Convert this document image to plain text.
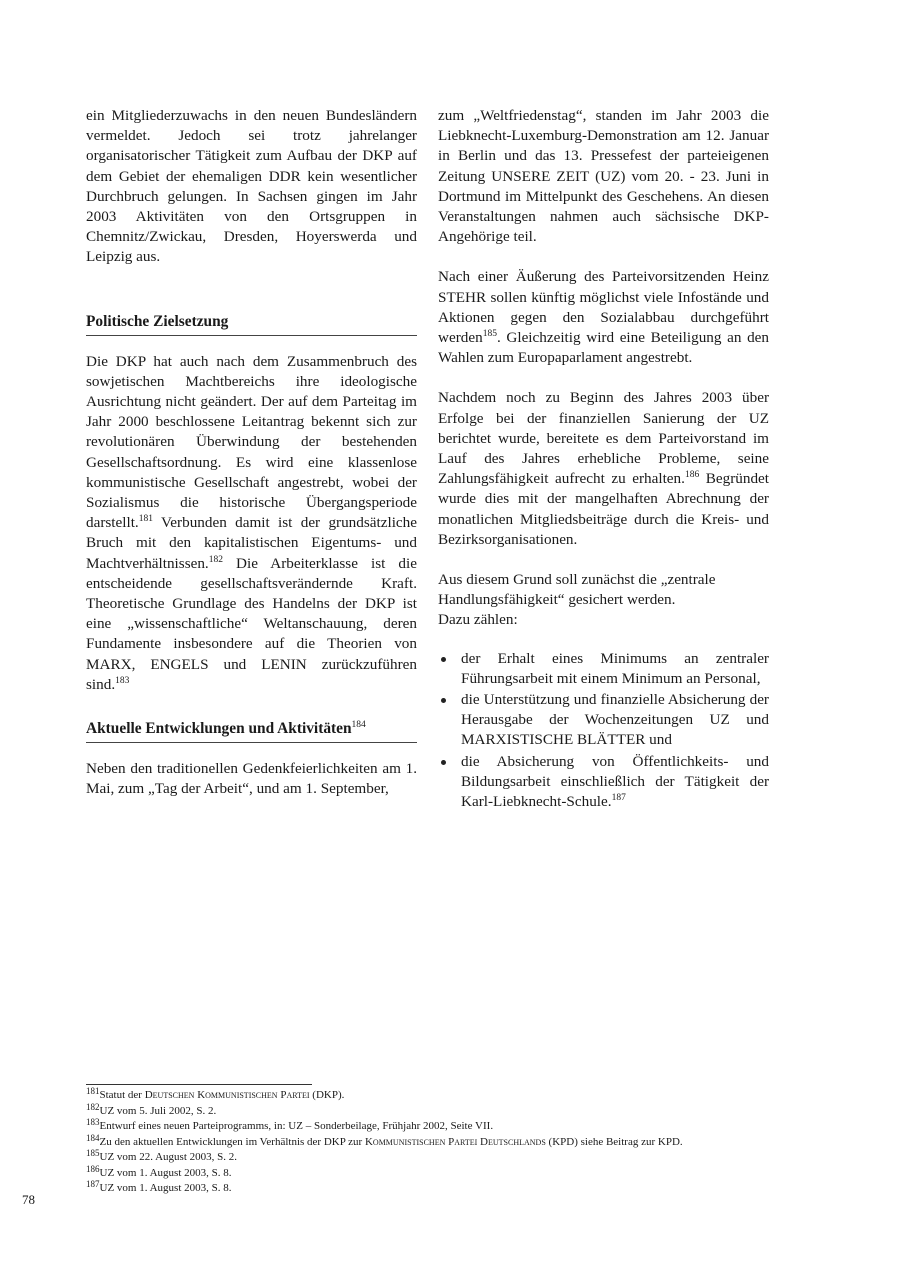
ein Mitgliederzuwachs in den neuen Bundesländern vermeldet. Jedoch sei trotz jahrelanger organisatorischer Tätigkeit zum Aufbau der DKP auf dem Gebiet der ehemaligen DDR kein wesentlicher Durchbruch gelungen. In Sachsen gingen im Jahr 2003 Aktivitäten von den Ortsgruppen in Chemnitz/Zwickau, Dresden, Hoyerswerda und Leipzig aus.

Politische Zielsetzung

Die DKP hat auch nach dem Zusammenbruch des sowjetischen Machtbereichs ihre ideologische Ausrichtung nicht geändert. Der auf dem Parteitag im Jahr 2000 beschlossene Leitantrag bekennt sich zur revolutionären Überwindung der bestehenden Gesellschaftsordnung. Es wird eine klassenlose kommunistische Gesellschaft angestrebt, wobei der Sozialismus die historische Übergangsperiode darstellt.$^{181}$ Verbunden damit ist der grundsätzliche Bruch mit den kapitalistischen Eigentums- und Machtverhältnissen.$^{182}$ Die Arbeiterklasse ist die entscheidende gesellschaftsverändernde Kraft. Theoretische Grundlage des Handelns der DKP ist eine „wissenschaftliche“ Weltanschauung, deren Fundamente insbesondere auf die Theorien von MARX, ENGELS und LENIN zurückzuführen sind.$^{183}$

Aktuelle Entwicklungen und Aktivitäten$^{184}$

Neben den traditionellen Gedenkfeierlichkeiten am 1. Mai, zum „Tag der Arbeit“, und am 1. September,

zum „Weltfriedenstag“, standen im Jahr 2003 die Liebknecht-Luxemburg-Demonstration am 12. Januar in Berlin und das 13. Pressefest der parteieigenen Zeitung UNSERE ZEIT (UZ) vom 20. - 23. Juni in Dortmund im Mittelpunkt des Geschehens. An diesen Veranstaltungen nahmen auch sächsische DKP-Angehörige teil.

Nach einer Äußerung des Parteivorsitzenden Heinz STEHR sollen künftig möglichst viele Infostände und Aktionen gegen den Sozialabbau durchgeführt werden$^{185}$. Gleichzeitig wird eine Beteiligung an den Wahlen zum Europaparlament angestrebt.

Nachdem noch zu Beginn des Jahres 2003 über Erfolge bei der finanziellen Sanierung der UZ berichtet wurde, bereitete es dem Parteivorstand im Lauf des Jahres erhebliche Probleme, seine Zahlungsfähigkeit aufrecht zu erhalten.$^{186}$ Begründet wurde dies mit der mangelhaften Abrechnung der monatlichen Mitgliedsbeiträge durch die Kreis- und Bezirksorganisationen.

Aus diesem Grund soll zunächst die „zentrale Handlungsfähigkeit“ gesichert werden.
Dazu zählen:

der Erhalt eines Minimums an zentraler Führungsarbeit mit einem Minimum an Personal,
die Unterstützung und finanzielle Absicherung der Herausgabe der Wochenzeitungen UZ und MARXISTISCHE BLÄTTER und
die Absicherung von Öffentlichkeits- und Bildungsarbeit einschließlich der Tätigkeit der Karl-Liebknecht-Schule.$^{187}$
$^{181}$Statut der Deutschen Kommunistischen Partei (DKP).
$^{182}$UZ vom 5. Juli 2002, S. 2.
$^{183}$Entwurf eines neuen Parteiprogramms, in: UZ – Sonderbeilage, Frühjahr 2002, Seite VII.
$^{184}$Zu den aktuellen Entwicklungen im Verhältnis der DKP zur Kommunistischen Partei Deutschlands (KPD) siehe Beitrag zur KPD.
$^{185}$UZ vom 22. August 2003, S. 2.
$^{186}$UZ vom 1. August 2003, S. 8.
$^{187}$UZ vom 1. August 2003, S. 8.
78
